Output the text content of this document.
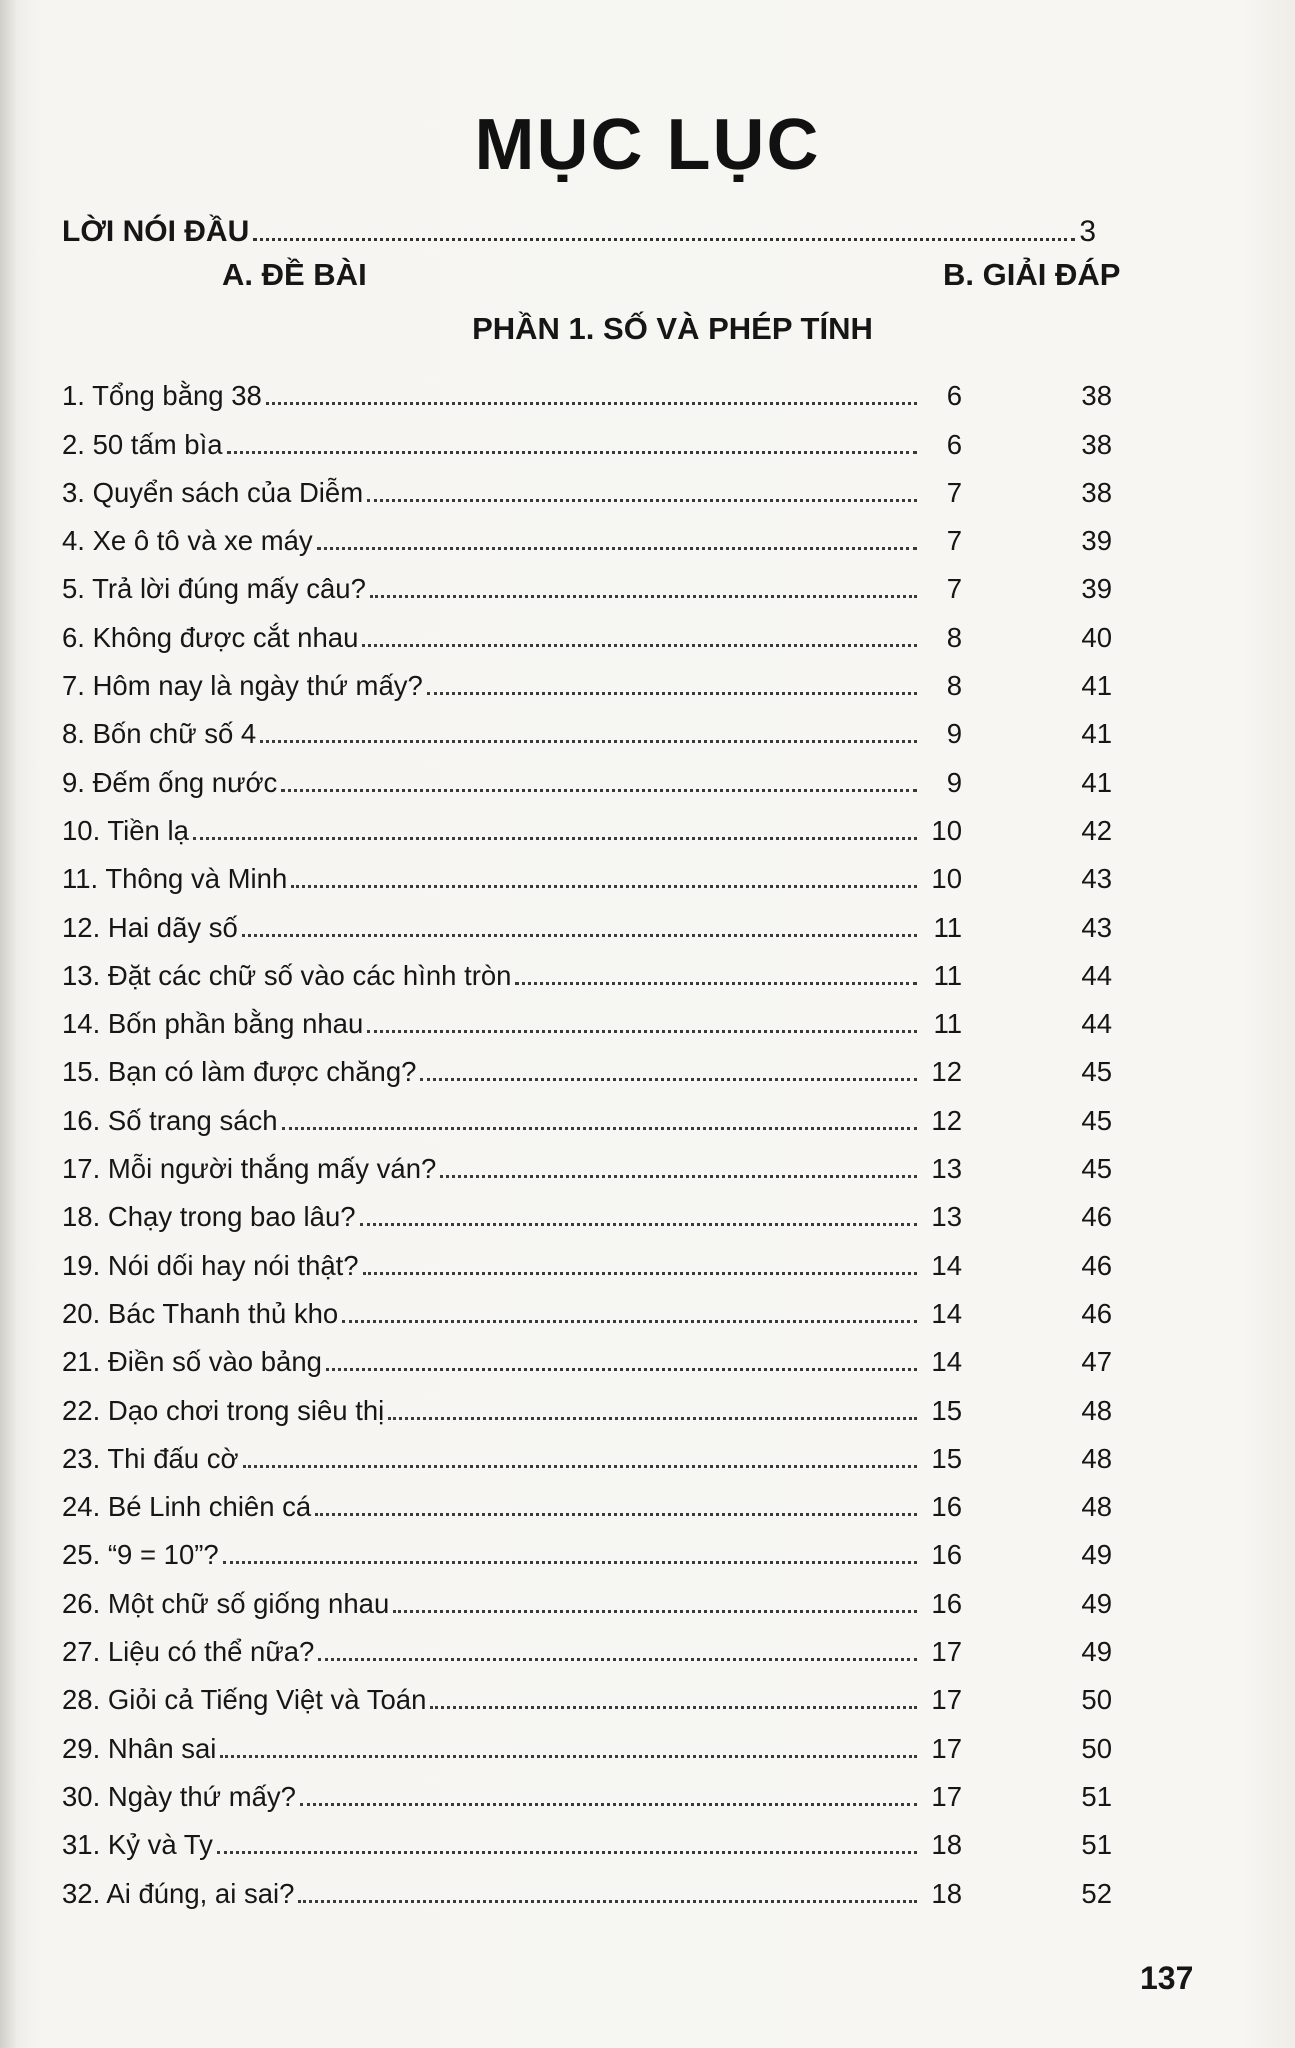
MỤC LỤC
LỜI NÓI ĐẦU	3
A. ĐỀ BÀI	B. GIẢI ĐÁP
PHẦN 1. SỐ VÀ PHÉP TÍNH
1. Tổng bằng 38	6	38
2. 50 tấm bìa	6	38
3. Quyển sách của Diễm	7	38
4. Xe ô tô và xe máy	7	39
5. Trả lời đúng mấy câu?	7	39
6. Không được cắt nhau	8	40
7. Hôm nay là ngày thứ mấy?	8	41
8. Bốn chữ số 4	9	41
9. Đếm ống nước	9	41
10. Tiền lạ	10	42
11. Thông và Minh	10	43
12. Hai dãy số	11	43
13. Đặt các chữ số vào các hình tròn	11	44
14. Bốn phần bằng nhau	11	44
15. Bạn có làm được chăng?	12	45
16. Số trang sách	12	45
17. Mỗi người thắng mấy ván?	13	45
18. Chạy trong bao lâu?	13	46
19. Nói dối hay nói thật?	14	46
20. Bác Thanh thủ kho	14	46
21. Điền số vào bảng	14	47
22. Dạo chơi trong siêu thị	15	48
23. Thi đấu cờ	15	48
24. Bé Linh chiên cá	16	48
25. “9 = 10”?	16	49
26. Một chữ số giống nhau	16	49
27. Liệu có thể nữa?	17	49
28. Giỏi cả Tiếng Việt và Toán	17	50
29. Nhân sai	17	50
30. Ngày thứ mấy?	17	51
31. Kỷ và Ty	18	51
32. Ai đúng, ai sai?	18	52
137
